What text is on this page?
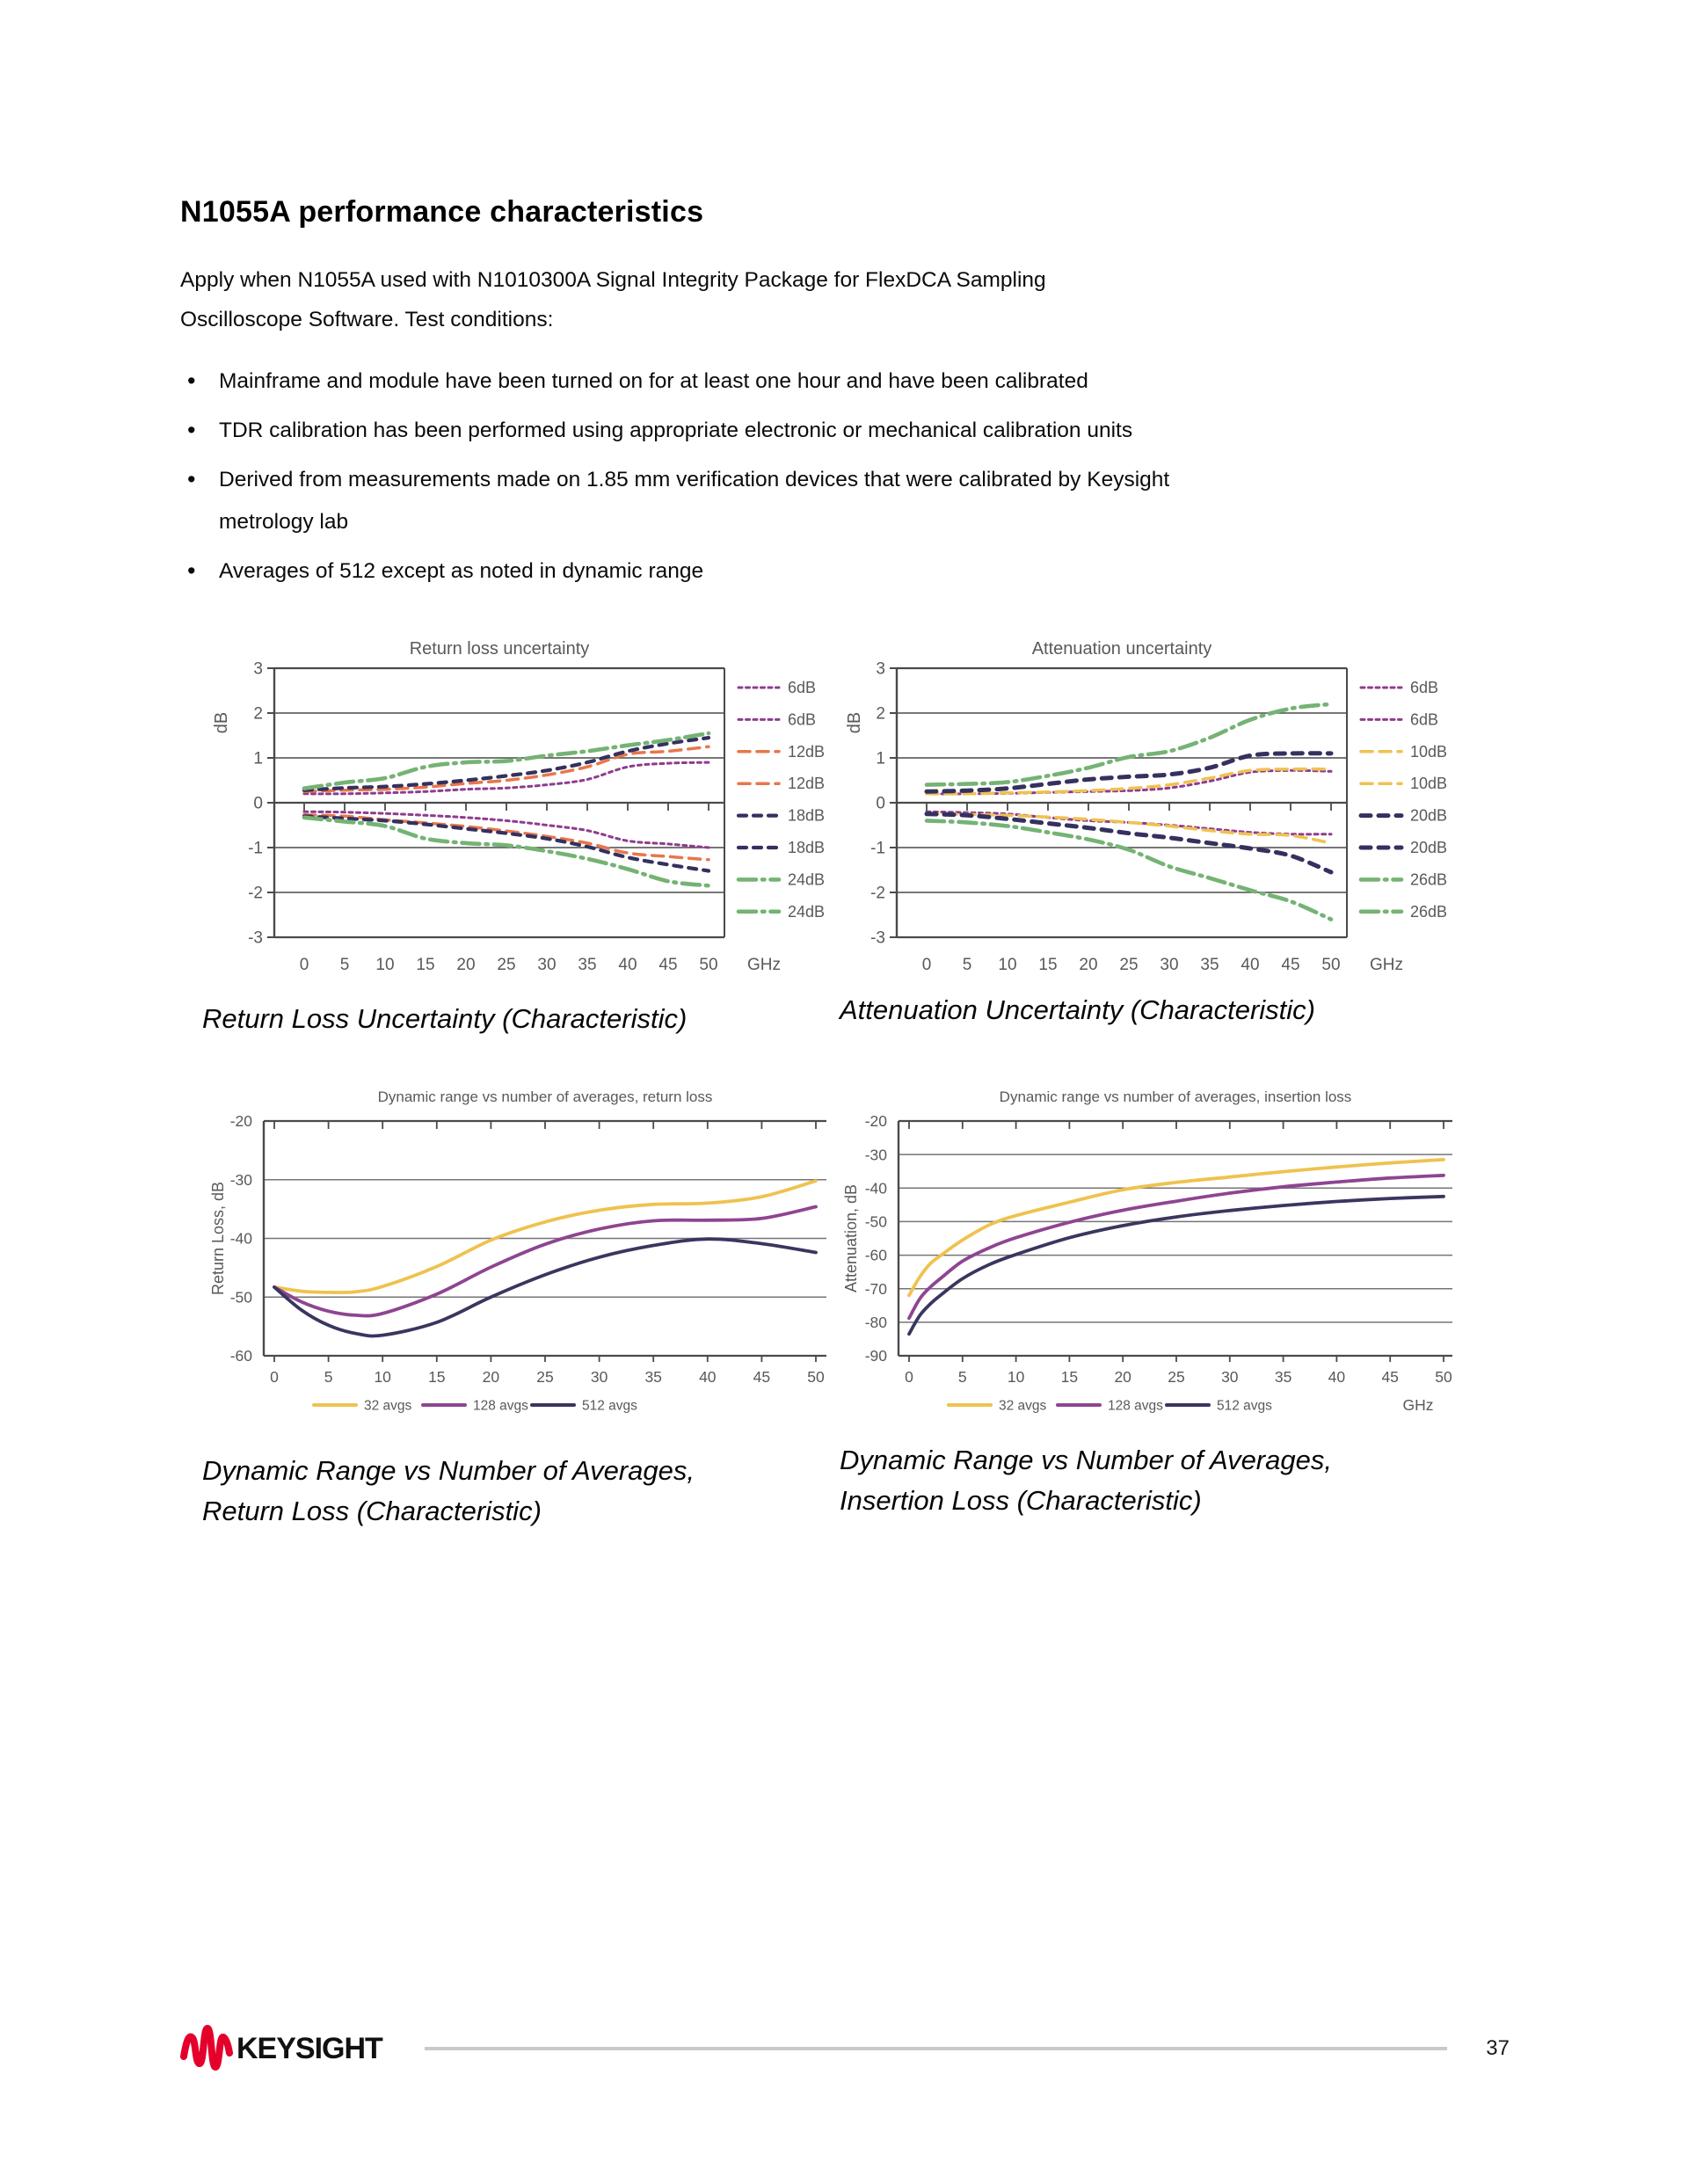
N1055A performance characteristics

Apply when N1055A used with N1010300A Signal Integrity Package for FlexDCA Sampling Oscilloscope Software. Test conditions:

• Mainframe and module have been turned on for at least one hour and have been calibrated
• TDR calibration has been performed using appropriate electronic or mechanical calibration units
• Derived from measurements made on 1.85 mm verification devices that were calibrated by Keysight metrology lab
• Averages of 512 except as noted in dynamic range
3
2
1
0
-1
-2
-3
0 5 10 15 20 25 30 35 40 45 50 GHz
Return loss uncertainty
dB
6dB
6dB
12dB
12dB
18dB
18dB
24dB
24dB
3
2
1
0
-1
-2
-3
0 5 10 15 20 25 30 35 40 45 50 GHz
Attenuation uncertainty
dB
6dB
6dB
10dB
10dB
20dB
20dB
26dB
26dB
Return Loss Uncertainty (Characteristic)	Attenuation Uncertainty (Characteristic)
-20
-30
-40
-50
-60
0	5	10 15 20 25 30 35 40 45 50
Dynamic range vs number of averages, return loss
Return Loss, dB
32 avgs	128 avgs	512 avgs
-20
-30
-40
-50
-60
-70
-80
-90
0	5	10 15 20 25 30 35 40 45 50
Dynamic range vs number of averages, insertion loss
Attenuation, dB
32 avgs	128 avgs	512 avgs	GHz
Dynamic Range vs Number of Averages,
Return Loss (Characteristic)
Dynamic Range vs Number of Averages,
Insertion Loss (Characteristic)
KEYSIGHT	37
